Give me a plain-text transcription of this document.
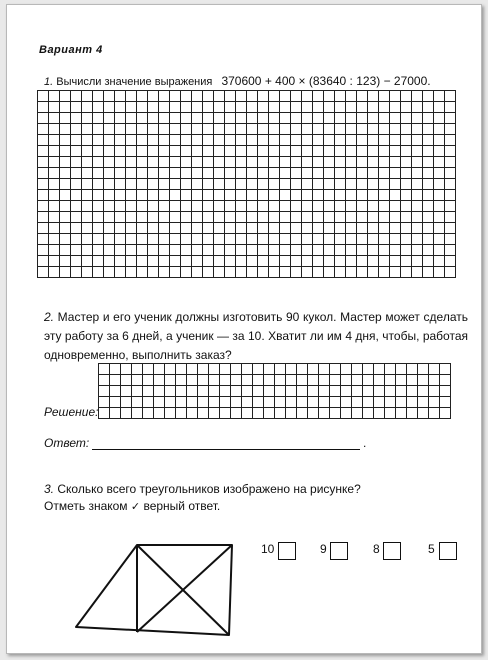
Вариант 4
1. Вычисли значение выражения 370600 + 400 × (83640 : 123) − 27000.
2. Мастер и его ученик должны изготовить 90 кукол. Мастер может сделать эту работу за 6 дней, а ученик — за 10. Хватит ли им 4 дня, чтобы, работая одновременно, выполнить заказ?
Решение:
Ответ:	.
3. Сколько всего треугольников изображено на рисунке?
Отметь знаком ✓ верный ответ.
10	9	8	5
